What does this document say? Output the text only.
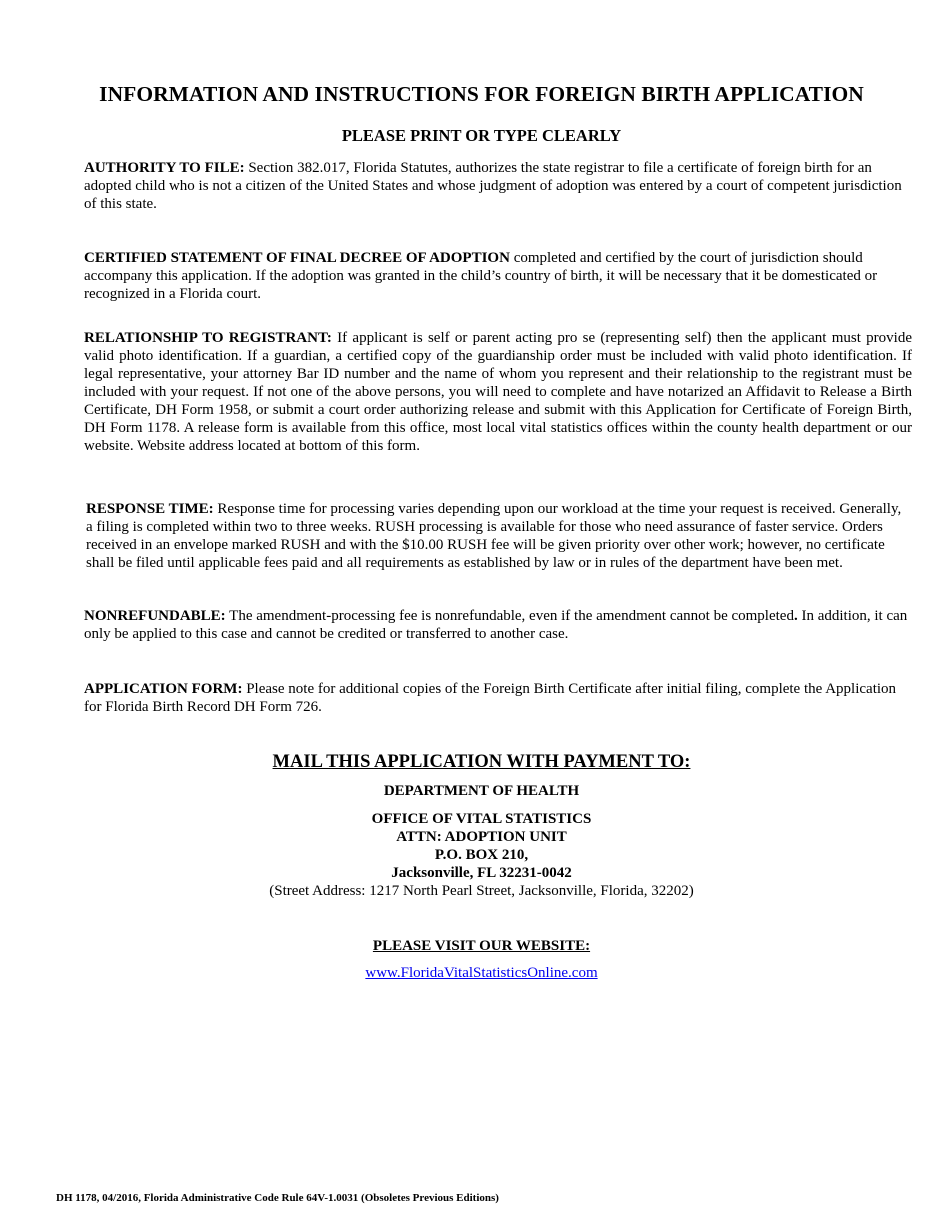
INFORMATION AND INSTRUCTIONS FOR FOREIGN BIRTH APPLICATION
PLEASE PRINT OR TYPE CLEARLY

AUTHORITY TO FILE: Section 382.017, Florida Statutes, authorizes the state registrar to file a certificate of foreign birth for an adopted child who is not a citizen of the United States and whose judgment of adoption was entered by a court of competent jurisdiction of this state.

CERTIFIED STATEMENT OF FINAL DECREE OF ADOPTION completed and certified by the court of jurisdiction should accompany this application. If the adoption was granted in the child’s country of birth, it will be necessary that it be domesticated or recognized in a Florida court.

RELATIONSHIP TO REGISTRANT: If applicant is self or parent acting pro se (representing self) then the applicant must provide valid photo identification. If a guardian, a certified copy of the guardianship order must be included with valid photo identification. If legal representative, your attorney Bar ID number and the name of whom you represent and their relationship to the registrant must be included with your request. If not one of the above persons, you will need to complete and have notarized an Affidavit to Release a Birth Certificate, DH Form 1958, or submit a court order authorizing release and submit with this Application for Certificate of Foreign Birth, DH Form 1178. A release form is available from this office, most local vital statistics offices within the county health department or our website. Website address located at bottom of this form.

RESPONSE TIME: Response time for processing varies depending upon our workload at the time your request is received. Generally, a filing is completed within two to three weeks. RUSH processing is available for those who need assurance of faster service. Orders received in an envelope marked RUSH and with the $10.00 RUSH fee will be given priority over other work; however, no certificate shall be filed until applicable fees paid and all requirements as established by law or in rules of the department have been met.

NONREFUNDABLE: The amendment-processing fee is nonrefundable, even if the amendment cannot be completed. In addition, it can only be applied to this case and cannot be credited or transferred to another case.

APPLICATION FORM: Please note for additional copies of the Foreign Birth Certificate after initial filing, complete the Application for Florida Birth Record DH Form 726.

MAIL THIS APPLICATION WITH PAYMENT TO:

DEPARTMENT OF HEALTH

OFFICE OF VITAL STATISTICS
ATTN: ADOPTION UNIT
P.O. BOX 210,
Jacksonville, FL 32231-0042
(Street Address: 1217 North Pearl Street, Jacksonville, Florida, 32202)

PLEASE VISIT OUR WEBSITE:

www.FloridaVitalStatisticsOnline.com

DH 1178, 04/2016, Florida Administrative Code Rule 64V-1.0031 (Obsoletes Previous Editions)
